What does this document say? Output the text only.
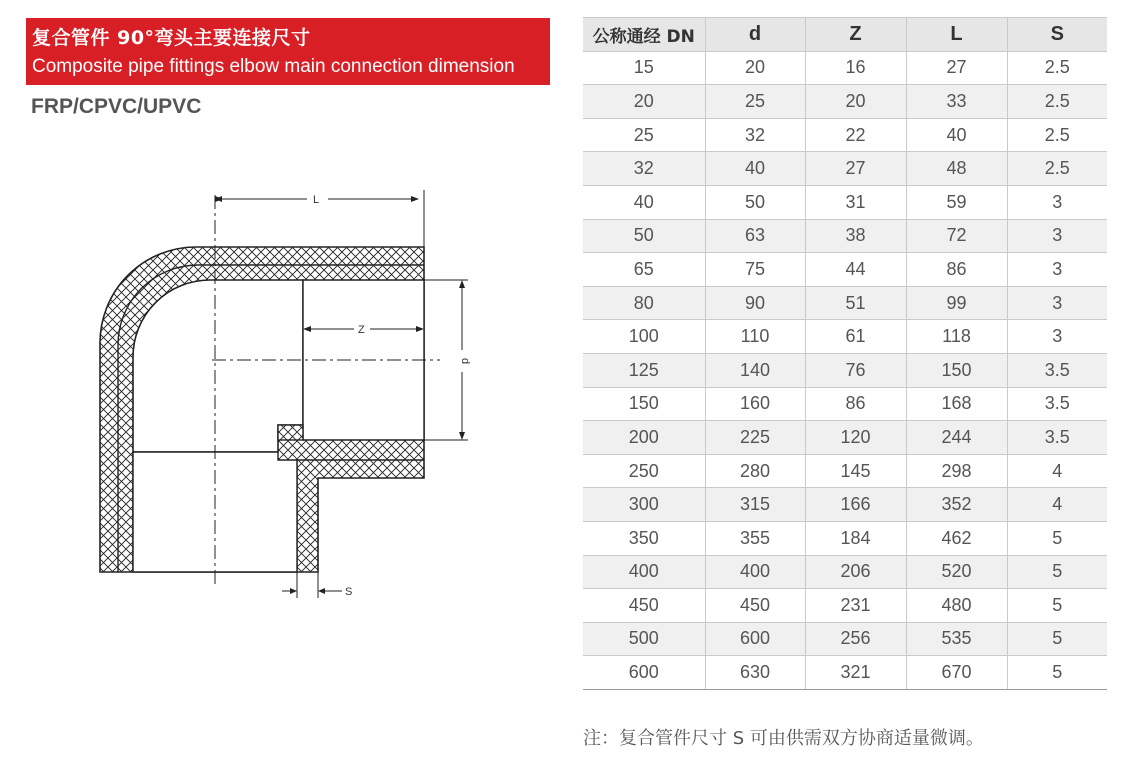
复合管件 90°弯头主要连接尺寸
Composite pipe fittings elbow main connection dimension
FRP/CPVC/UPVC
L
Z
d
S
公称通经 DN	d	Z	L	S
15	20	16	27	2.5
20	25	20	33	2.5
25	32	22	40	2.5
32	40	27	48	2.5
40	50	31	59	3
50	63	38	72	3
65	75	44	86	3
80	90	51	99	3
100	110	61	118	3
125	140	76	150	3.5
150	160	86	168	3.5
200	225	120	244	3.5
250	280	145	298	4
300	315	166	352	4
350	355	184	462	5
400	400	206	520	5
450	450	231	480	5
500	600	256	535	5
600	630	321	670	5
注：复合管件尺寸 S 可由供需双方协商适量微调。
